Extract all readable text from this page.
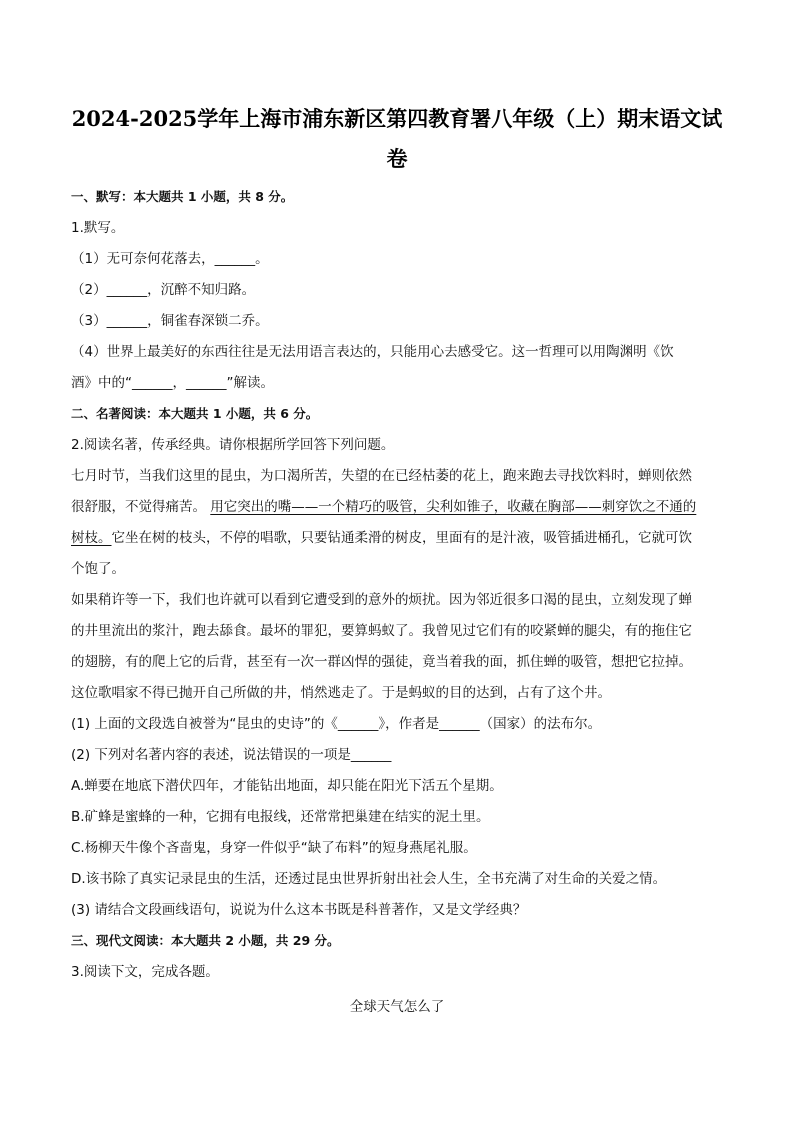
2024-2025学年上海市浦东新区第四教育署八年级（上）期末语文试
卷
一、默写：本大题共 1 小题，共 8 分。
1.默写。
（1）无可奈何花落去，______。
（2）______，沉醉不知归路。
（3）______，铜雀春深锁二乔。
（4）世界上最美好的东西往往是无法用语言表达的，只能用心去感受它。这一哲理可以用陶渊明《饮
酒》中的“______，______”解读。
二、名著阅读：本大题共 1 小题，共 6 分。
2.阅读名著，传承经典。请你根据所学回答下列问题。
七月时节，当我们这里的昆虫，为口渴所苦，失望的在已经枯萎的花上，跑来跑去寻找饮料时，蝉则依然
很舒服，不觉得痛苦。 用它突出的嘴——一个精巧的吸管，尖利如锥子，收藏在胸部——刺穿饮之不通的
树枝。它坐在树的枝头，不停的唱歌，只要钻通柔滑的树皮，里面有的是汁液，吸管插进桶孔，它就可饮
个饱了。
如果稍许等一下，我们也许就可以看到它遭受到的意外的烦扰。因为邻近很多口渴的昆虫，立刻发现了蝉
的井里流出的浆汁，跑去舔食。最坏的罪犯，要算蚂蚁了。我曾见过它们有的咬紧蝉的腿尖，有的拖住它
的翅膀，有的爬上它的后背，甚至有一次一群凶悍的强徒，竟当着我的面，抓住蝉的吸管，想把它拉掉。
这位歌唱家不得已抛开自己所做的井，悄然逃走了。于是蚂蚁的目的达到，占有了这个井。
(1) 上面的文段选自被誉为“昆虫的史诗”的《______》，作者是______（国家）的法布尔。
(2) 下列对名著内容的表述，说法错误的一项是______
A.蝉要在地底下潜伏四年，才能钻出地面，却只能在阳光下活五个星期。
B.矿蜂是蜜蜂的一种，它拥有电报线，还常常把巢建在结实的泥土里。
C.杨柳天牛像个吝啬鬼，身穿一件似乎“缺了布料”的短身燕尾礼服。
D.该书除了真实记录昆虫的生活，还透过昆虫世界折射出社会人生，全书充满了对生命的关爱之情。
(3) 请结合文段画线语句，说说为什么这本书既是科普著作，又是文学经典？
三、现代文阅读：本大题共 2 小题，共 29 分。
3.阅读下文，完成各题。
全球天气怎么了
